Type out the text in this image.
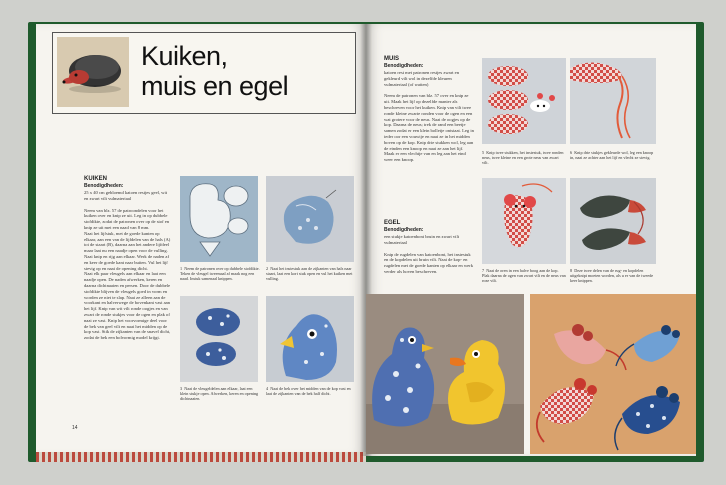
Kuiken,
muis en egel
KUIKEN
Benodigdheden:
25 x 40 cm gebloemd katoen restjes geel, wit en zwart vilt vulmateriaal
Neem van blz. 57 de patroondelen voor het kuiken over en knip ze uit. Leg in op dubbele stofdikte, zodat de patronen over op de stof en knip ze uit met een naad van 8 mm.
Naai het lijfstuk, met de goede kanten op elkaar, aan een van de lijfdelen van de hals (A) tot de staart (B), daarna aan het andere lijfdeel maar laat nu een naadje open voor de vulling. Naai knip en rijg aan elkaar. Werk de naden af en keer de goede kant naar buiten. Vul het lijf stevig op en naai de opening dicht.
Naai elk paar vleugels aan elkaar en laat een naadje open. De naden afwerken, keren en daarna dichtnaaien en persen. Door de dubbele stofdikte blijven de vleugels goed in vorm en worden ze niet te slap. Naai ze alleen aan de voorkant en halverwege de bovenkant vast aan het lijf. Knip van wit vilt ronde oogjes en van zwart de ronde stukjes voor de ogen en plak of naai ze vast. Knip het voorvormige deel voor de bek van geel vilt en naai het midden op de kop vast. Stik de zijkanten van de snavel dicht, zodat de bek een bolvormig model krijgt.
1 Neem de patronen over op dubbele stofdikte. Teken de vleugel tweemaal af maak nog een naad. Instuk samenaal knippen.
2 Naai het instestuk aan de zijkanten van hals naar staart, laat een kort stuk open en vul het kuiken met vulling.
3 Naai de vleugeldelen aan elkaar, laat een klein stukje open. Afwerken, keren en opening dichtnaaien.
4 Naai de bek over het midden van de kop vast en laat de zijkanten van de bek half dicht.
14
MUIS
Benodigdheden:
katoen rest met patronen restjes zwart en gekleurd vilt wol in dezelfde kleuren vulmateriaal (of watten)
Neem de patronen van blz. 57 over en knip ze uit. Maak het lijf op dezelfde manier als beschreven voor het kuiken. Knip van vilt twee ronde kleine zwarte ronden voor de ogen en een wat grotere voor de neus. Naai de oogjes op de kop. Daarna de neus; trek de rand een beetje samen zodat er een klein bolletje ontstaat. Leg in ieder oor een vouwtje en naai ze in het midden boven op de kop. Knip drie stukken wol, leg aan de einden een knoop en naai ze aan het lijf. Maak er een vlechtje van en leg aan het eind weer een knoop.
EGEL
Benodigdheden:
een stukje katoenbont bruin en zwart vilt vulmateriaal
Knip de rugdelen van katoenbont, het instestuk en de kopdelen uit bruin vilt. Naai de kop- en rugdelen met de goede kanten op elkaar en werk verder als hoven beschreven.
5 Knip twee stukken, het instestuk, twee ronden neus, twee kleine en een grote neus van zwart vilt.
6 Knip drie stukjes gekleurde wol, leg een knoop in, naai ze achter aan het lijf en vlecht ze stevig.
7 Naai de oren in een halve boog aan de kop. Plak daarna de ogen van zwart vilt en de neus van roze vilt.
8 Deze twee delen van de rug- en kopdelen uitgeknipt moeten worden, als u er van de tweede keer knippen.
